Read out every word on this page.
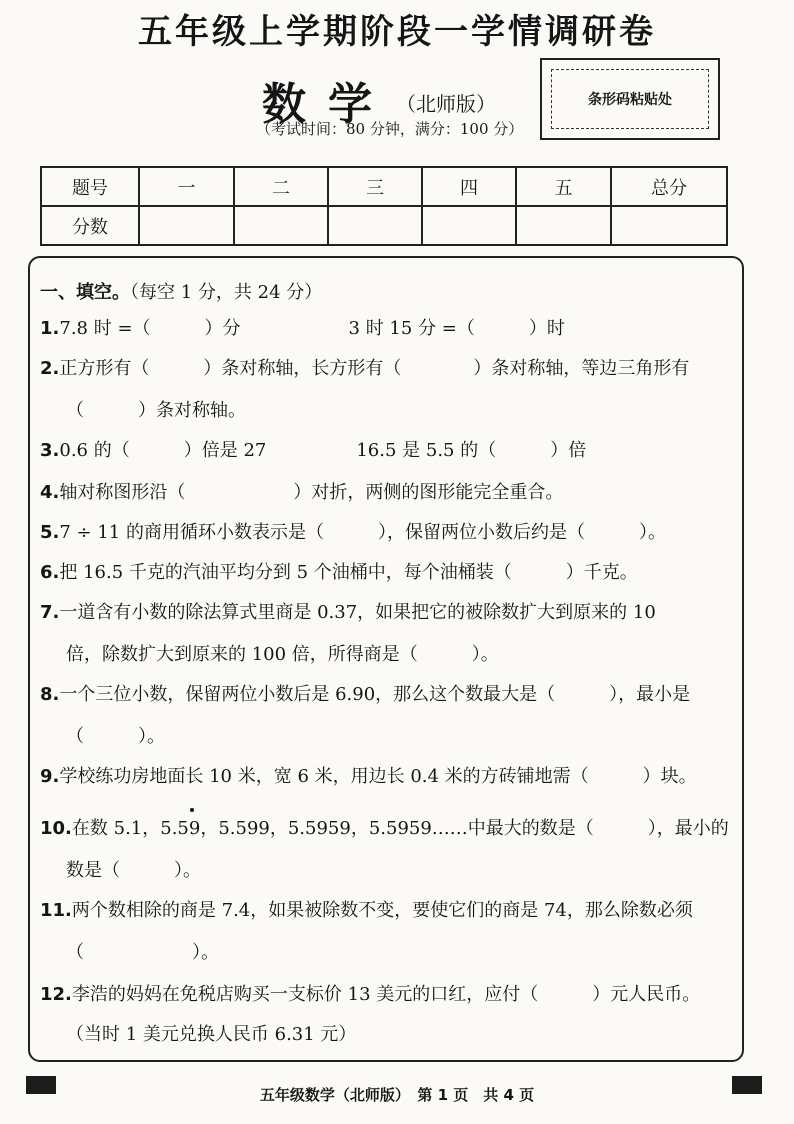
五年级上学期阶段一学情调研卷
数学 （北师版）
（考试时间：80 分钟，满分：100 分）
条形码粘贴处
题号	一	二	三	四	五	总分
分数						
一、填空。（每空 1 分，共 24 分）
1.7.8 时 =（　　　）分　　　　　　3 时 15 分 =（　　　）时
2.正方形有（　　　）条对称轴，长方形有（　　　　）条对称轴，等边三角形有
（　　　）条对称轴。
3.0.6 的（　　　）倍是 27　　　　　16.5 是 5.5 的（　　　）倍
4.轴对称图形沿（　　　　　　）对折，两侧的图形能完全重合。
5.7 ÷ 11 的商用循环小数表示是（　　　），保留两位小数后约是（　　　）。
6.把 16.5 千克的汽油平均分到 5 个油桶中，每个油桶装（　　　）千克。
7.一道含有小数的除法算式里商是 0.37，如果把它的被除数扩大到原来的 10
倍，除数扩大到原来的 100 倍，所得商是（　　　）。
8.一个三位小数，保留两位小数后是 6.90，那么这个数最大是（　　　），最小是
（　　　）。
9.学校练功房地面长 10 米，宽 6 米，用边长 0.4 米的方砖铺地需（　　　）块。
10.在数 5.1，5.59，5.599，5.5959，5.5959……中最大的数是（　　　），最小的
数是（　　　）。
11.两个数相除的商是 7.4，如果被除数不变，要使它们的商是 74，那么除数必须
（　　　　　　）。
12.李浩的妈妈在免税店购买一支标价 13 美元的口红，应付（　　　）元人民币。
（当时 1 美元兑换人民币 6.31 元）
五年级数学（北师版）　第 1 页　共 4 页
